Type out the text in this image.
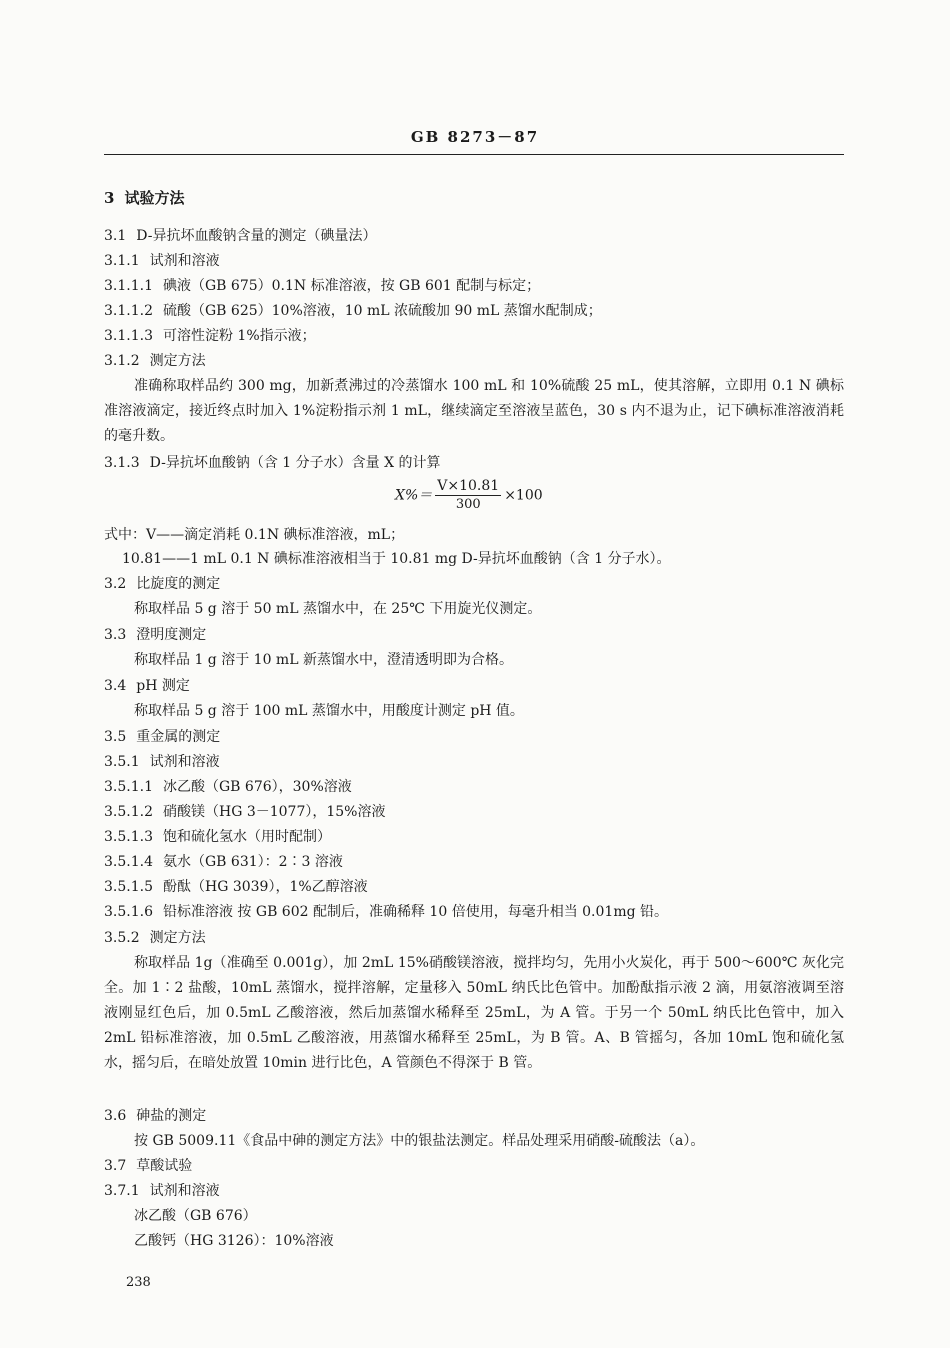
GB 8273－87
3 试验方法
3.1 D-异抗坏血酸钠含量的测定（碘量法）
3.1.1 试剂和溶液
3.1.1.1 碘液（GB 675）0.1N 标准溶液，按 GB 601 配制与标定；
3.1.1.2 硫酸（GB 625）10%溶液，10 mL 浓硫酸加 90 mL 蒸馏水配制成；
3.1.1.3 可溶性淀粉 1%指示液；
3.1.2 测定方法
准确称取样品约 300 mg，加新煮沸过的冷蒸馏水 100 mL 和 10%硫酸 25 mL，使其溶解，立即用 0.1 N 碘标准溶液滴定，接近终点时加入 1%淀粉指示剂 1 mL，继续滴定至溶液呈蓝色，30 s 内不退为止，记下碘标准溶液消耗的毫升数。
3.1.3 D-异抗坏血酸钠（含 1 分子水）含量 X 的计算
$X\%= \frac{V\times 10.81}{300} \times 100$
式中：V——滴定消耗 0.1N 碘标准溶液，mL；
10.81——1 mL 0.1 N 碘标准溶液相当于 10.81 mg D-异抗坏血酸钠（含 1 分子水）。
3.2 比旋度的测定
称取样品 5 g 溶于 50 mL 蒸馏水中，在 25℃ 下用旋光仪测定。
3.3 澄明度测定
称取样品 1 g 溶于 10 mL 新蒸馏水中，澄清透明即为合格。
3.4 pH 测定
称取样品 5 g 溶于 100 mL 蒸馏水中，用酸度计测定 pH 值。
3.5 重金属的测定
3.5.1 试剂和溶液
3.5.1.1 冰乙酸（GB 676），30%溶液
3.5.1.2 硝酸镁（HG 3－1077），15%溶液
3.5.1.3 饱和硫化氢水（用时配制）
3.5.1.4 氨水（GB 631）：2∶3 溶液
3.5.1.5 酚酞（HG 3039），1%乙醇溶液
3.5.1.6 铅标准溶液 按 GB 602 配制后，准确稀释 10 倍使用，每毫升相当 0.01mg 铅。
3.5.2 测定方法
称取样品 1g（准确至 0.001g），加 2mL 15%硝酸镁溶液，搅拌均匀，先用小火炭化，再于 500～600℃ 灰化完全。加 1∶2 盐酸，10mL 蒸馏水，搅拌溶解，定量移入 50mL 纳氏比色管中。加酚酞指示液 2 滴，用氨溶液调至溶液刚显红色后，加 0.5mL 乙酸溶液，然后加蒸馏水稀释至 25mL，为 A 管。于另一个 50mL 纳氏比色管中，加入 2mL 铅标准溶液，加 0.5mL 乙酸溶液，用蒸馏水稀释至 25mL，为 B 管。A、B 管摇匀，各加 10mL 饱和硫化氢水，摇匀后，在暗处放置 10min 进行比色，A 管颜色不得深于 B 管。
3.6 砷盐的测定
按 GB 5009.11《食品中砷的测定方法》中的银盐法测定。样品处理采用硝酸-硫酸法（a）。
3.7 草酸试验
3.7.1 试剂和溶液
冰乙酸（GB 676）
乙酸钙（HG 3126）：10%溶液
238
